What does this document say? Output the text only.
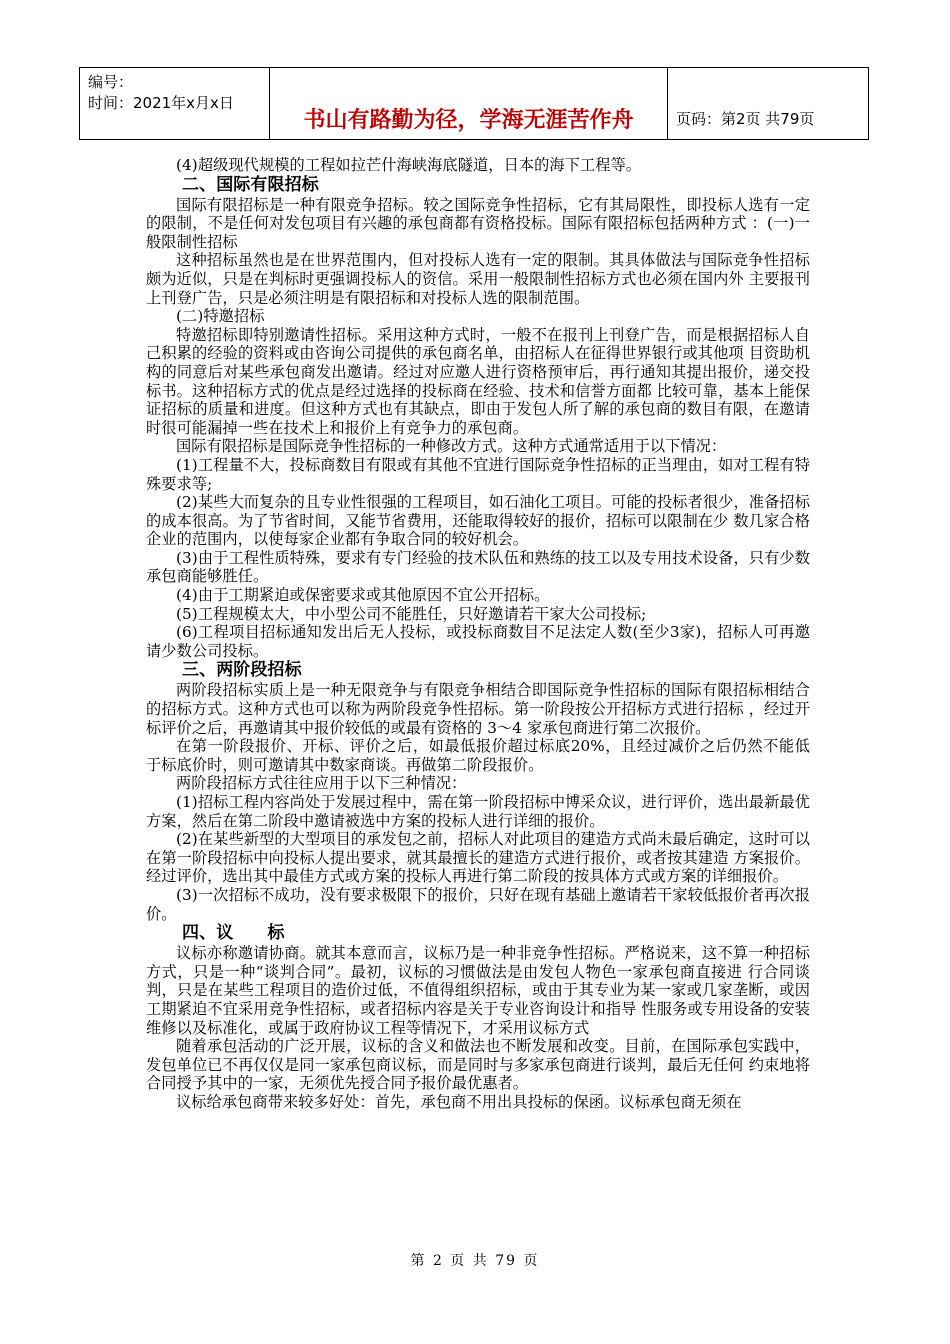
编号：
时间：2021年x月x日
书山有路勤为径，学海无涯苦作舟	页码：第2页 共79页

(4)超级现代规模的工程如拉芒什海峡海底隧道，日本的海下工程等。

二、国际有限招标

国际有限招标是一种有限竞争招标。较之国际竞争性招标，它有其局限性，即投标人选有一定的限制，不是任何对发包项目有兴趣的承包商都有资格投标。国际有限招标包括两种方式 ：(一)一般限制性招标

这种招标虽然也是在世界范围内，但对投标人选有一定的限制。其具体做法与国际竞争性招标颇为近似，只是在判标时更强调投标人的资信。采用一般限制性招标方式也必须在国内外 主要报刊上刊登广告，只是必须注明是有限招标和对投标人选的限制范围。

(二)特邀招标

特邀招标即特别邀请性招标。采用这种方式时，一般不在报刊上刊登广告，而是根据招标人自己积累的经验的资料或由咨询公司提供的承包商名单，由招标人在征得世界银行或其他项 目资助机构的同意后对某些承包商发出邀请。经过对应邀人进行资格预审后，再行通知其提出报价，递交投标书。这种招标方式的优点是经过选择的投标商在经验、技术和信誉方面都 比较可靠，基本上能保证招标的质量和进度。但这种方式也有其缺点，即由于发包人所了解的承包商的数目有限，在邀请时很可能漏掉一些在技术上和报价上有竞争力的承包商。

国际有限招标是国际竞争性招标的一种修改方式。这种方式通常适用于以下情况：

(1)工程量不大，投标商数目有限或有其他不宜进行国际竞争性招标的正当理由，如对工程有特殊要求等;

(2)某些大而复杂的且专业性很强的工程项目，如石油化工项目。可能的投标者很少，准备招标的成本很高。为了节省时间，又能节省费用，还能取得较好的报价，招标可以限制在少 数几家合格企业的范围内，以使每家企业都有争取合同的较好机会。

(3)由于工程性质特殊，要求有专门经验的技术队伍和熟练的技工以及专用技术设备，只有少数承包商能够胜任。

(4)由于工期紧迫或保密要求或其他原因不宜公开招标。

(5)工程规模太大，中小型公司不能胜任，只好邀请若干家大公司投标;

(6)工程项目招标通知发出后无人投标，或投标商数目不足法定人数(至少3家)，招标人可再邀请少数公司投标。

三、两阶段招标

两阶段招标实质上是一种无限竞争与有限竞争相结合即国际竞争性招标的国际有限招标相结合的招标方式。这种方式也可以称为两阶段竞争性招标。第一阶段按公开招标方式进行招标 ，经过开标评价之后，再邀请其中报价较低的或最有资格的 3～4 家承包商进行第二次报价。

在第一阶段报价、开标、评价之后，如最低报价超过标底20%，且经过减价之后仍然不能低 于标底价时，则可邀请其中数家商谈。再做第二阶段报价。

两阶段招标方式往往应用于以下三种情况：

(1)招标工程内容尚处于发展过程中，需在第一阶段招标中博采众议，进行评价，选出最新最优方案，然后在第二阶段中邀请被选中方案的投标人进行详细的报价。

(2)在某些新型的大型项目的承发包之前，招标人对此项目的建造方式尚未最后确定，这时可以在第一阶段招标中向投标人提出要求，就其最擅长的建造方式进行报价，或者按其建造 方案报价。经过评价，选出其中最佳方式或方案的投标人再进行第二阶段的按具体方式或方案的详细报价。

(3)一次招标不成功，没有要求极限下的报价，只好在现有基础上邀请若干家较低报价者再次报价。

四、议　　标

议标亦称邀请协商。就其本意而言，议标乃是一种非竞争性招标。严格说来，这不算一种招标方式，只是一种“谈判合同”。最初，议标的习惯做法是由发包人物色一家承包商直接进 行合同谈判，只是在某些工程项目的造价过低，不值得组织招标，或由于其专业为某一家或几家垄断，或因工期紧迫不宜采用竞争性招标，或者招标内容是关于专业咨询设计和指导 性服务或专用设备的安装维修以及标准化，或属于政府协议工程等情况下，才采用议标方式

随着承包活动的广泛开展，议标的含义和做法也不断发展和改变。目前，在国际承包实践中，发包单位已不再仅仅是同一家承包商议标，而是同时与多家承包商进行谈判，最后无任何 约束地将合同授予其中的一家，无须优先授合同予报价最优惠者。

议标给承包商带来较多好处：首先，承包商不用出具投标的保函。议标承包商无须在

第 2 页 共 79 页
